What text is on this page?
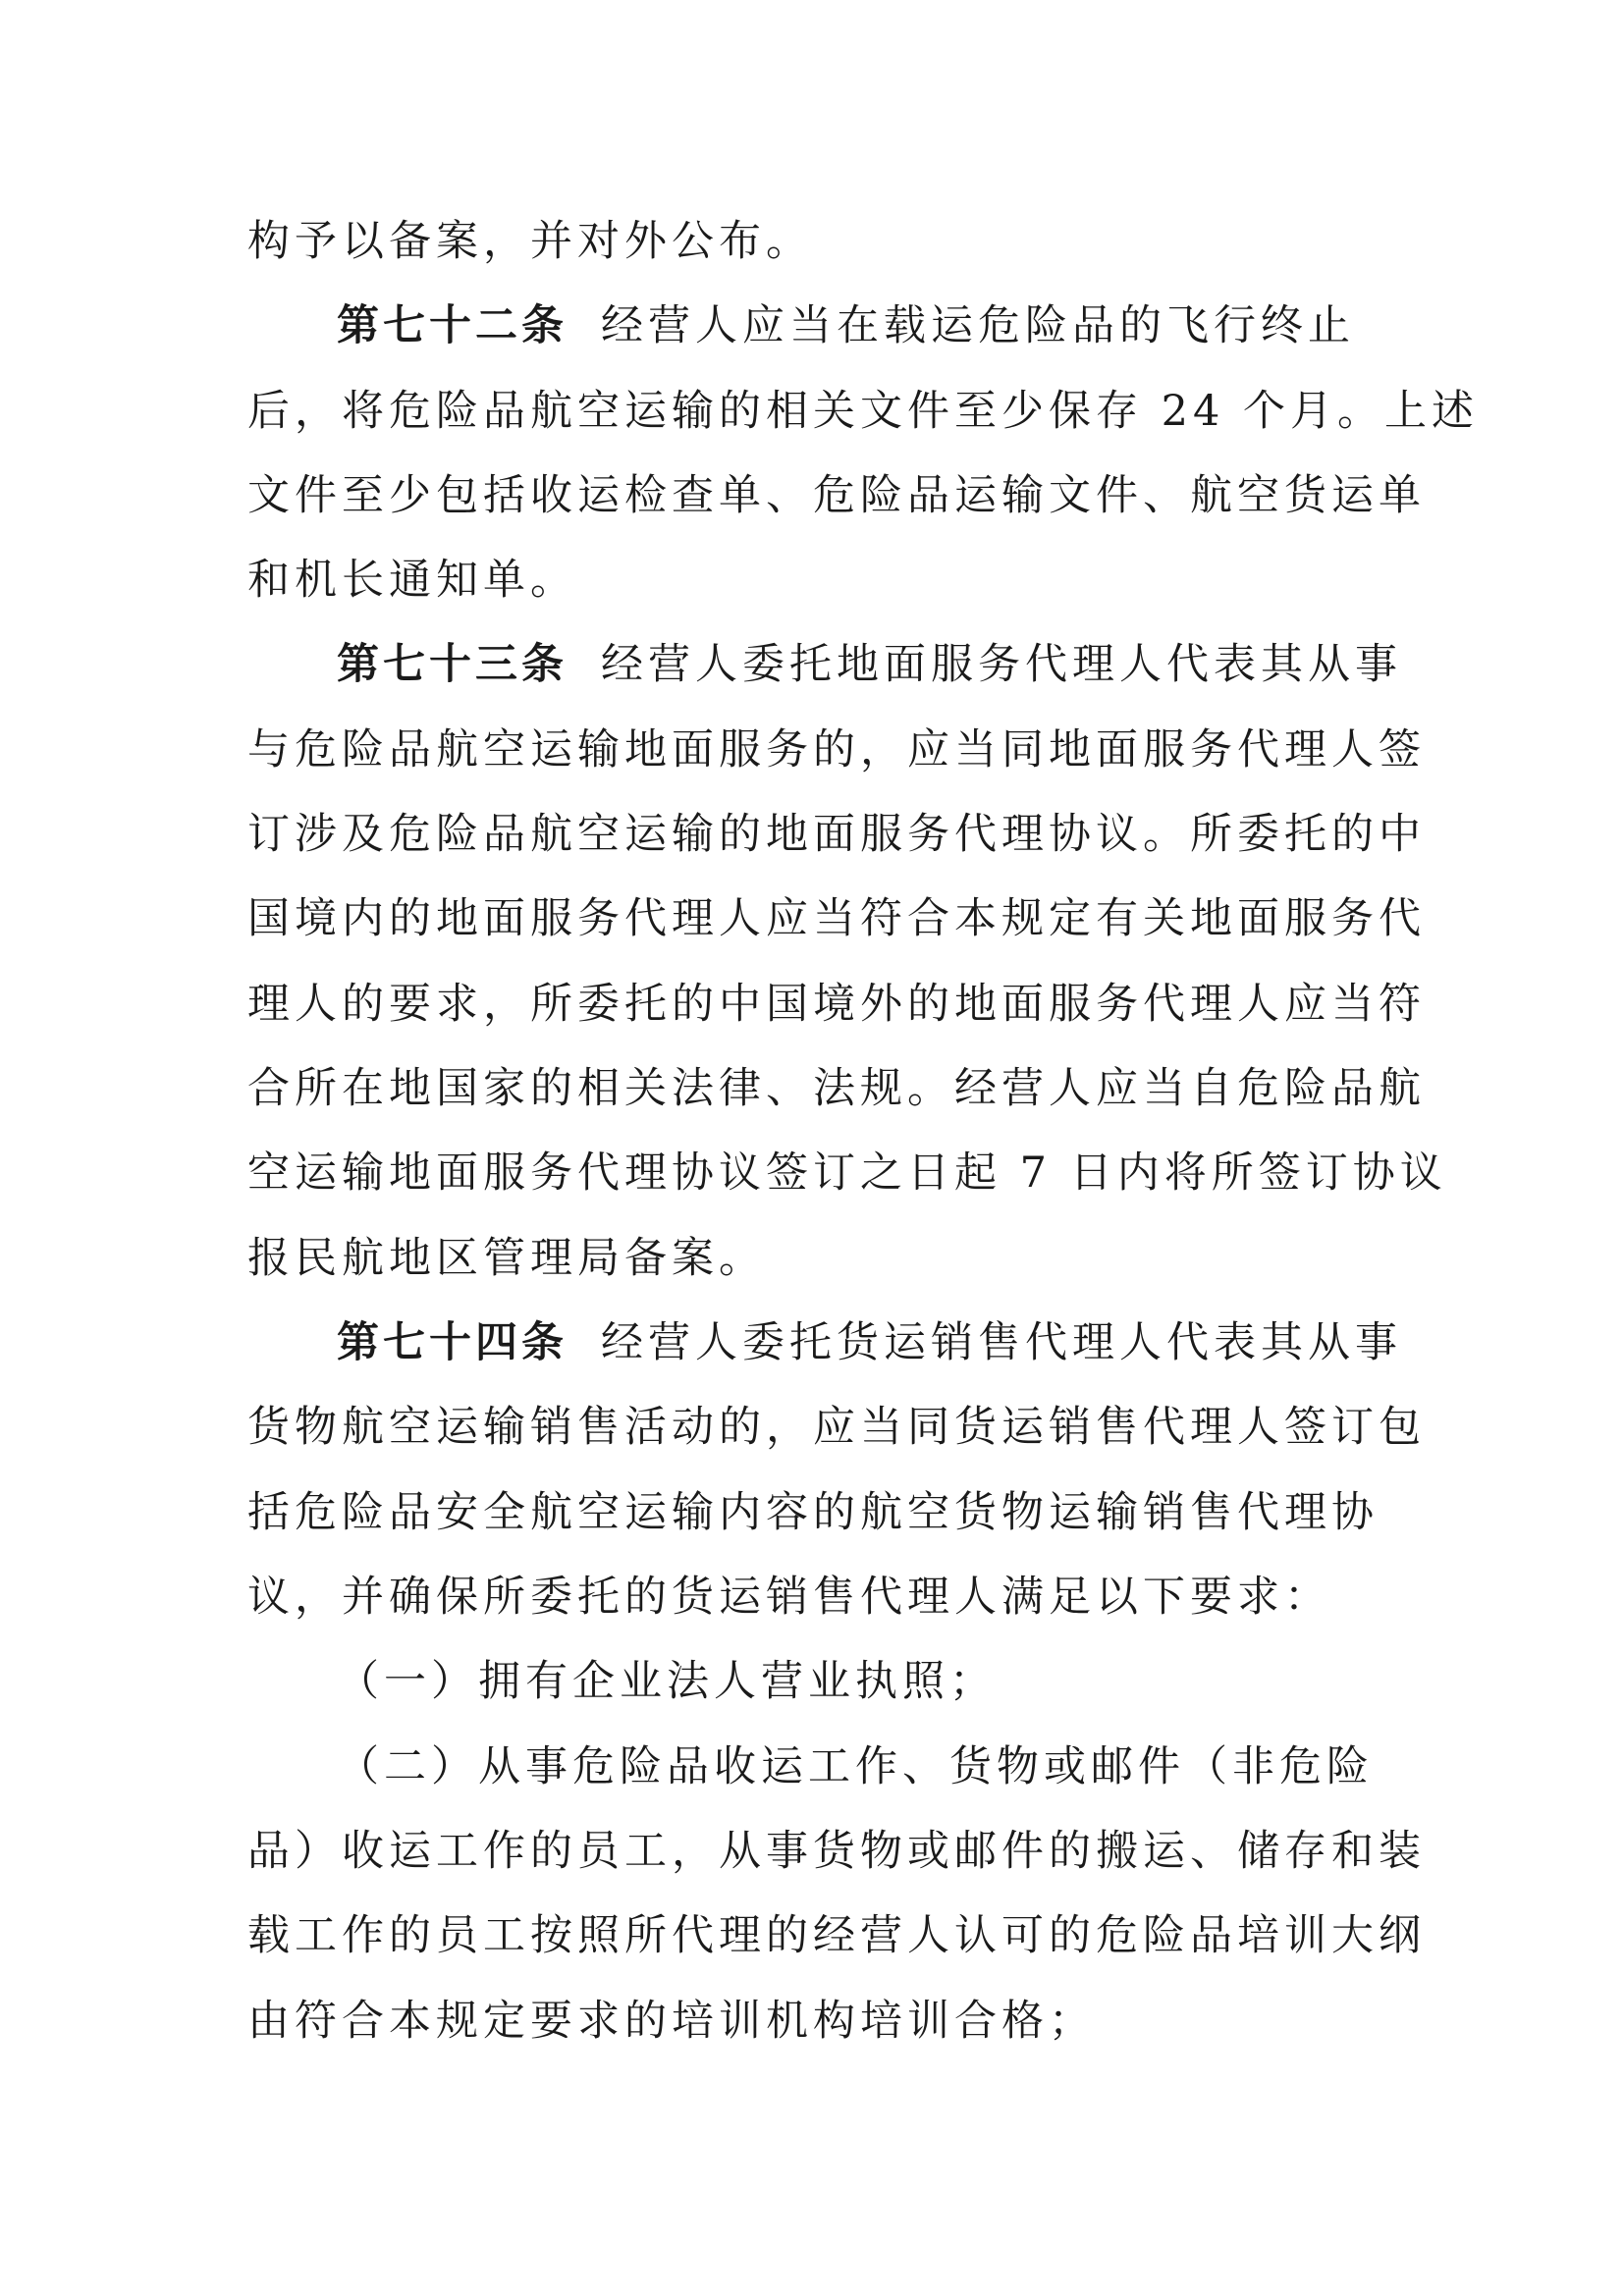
构予以备案，并对外公布。
第七十二条 经营人应当在载运危险品的飞行终止
后，将危险品航空运输的相关文件至少保存 24 个月。上述
文件至少包括收运检查单、危险品运输文件、航空货运单
和机长通知单。
第七十三条 经营人委托地面服务代理人代表其从事
与危险品航空运输地面服务的，应当同地面服务代理人签
订涉及危险品航空运输的地面服务代理协议。所委托的中
国境内的地面服务代理人应当符合本规定有关地面服务代
理人的要求，所委托的中国境外的地面服务代理人应当符
合所在地国家的相关法律、法规。经营人应当自危险品航
空运输地面服务代理协议签订之日起 7 日内将所签订协议
报民航地区管理局备案。
第七十四条 经营人委托货运销售代理人代表其从事
货物航空运输销售活动的，应当同货运销售代理人签订包
括危险品安全航空运输内容的航空货物运输销售代理协
议，并确保所委托的货运销售代理人满足以下要求：
（一）拥有企业法人营业执照；
（二）从事危险品收运工作、货物或邮件（非危险
品）收运工作的员工，从事货物或邮件的搬运、储存和装
载工作的员工按照所代理的经营人认可的危险品培训大纲
由符合本规定要求的培训机构培训合格；
